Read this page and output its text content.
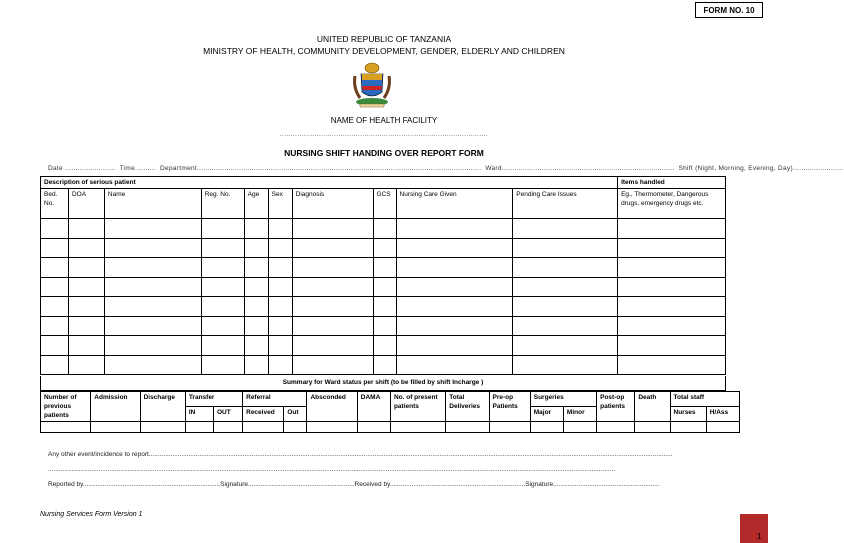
FORM NO. 10
UNITED REPUBLIC OF TANZANIA
MINISTRY OF HEALTH, COMMUNITY DEVELOPMENT, GENDER, ELDERLY AND CHILDREN
NAME OF HEALTH FACILITY
................................................................................................
NURSING SHIFT HANDING OVER REPORT FORM
Date ........................ Time.......... Department....................................................................................................................................... Ward.................................................................................. Shift (Night, Morning, Evening, Day)........................
Description of serious patient										Items handled
Bed. No.	DOA	Name	Reg. No.	Age	Sex	Diagnosis	GCS	Nursing Care Given	Pending Care Issues	Eg., Thermometer, Dangerous drugs, emergency drugs etc.

Summary for Ward status per shift (to be filled by shift Incharge )
Number of previous patients	Admission	Discharge	Transfer		Referral		Absconded	DAMA	No. of present patients	Total Deliveries	Pre-op Patients	Surgeries		Post-op patients	Death	Total staff	
			IN	OUT	Received	Out						Major	Minor			Nurses	H/Ass

Any other event/incidence to report..................................................................................................................................................................................................................................................................................................
..........................................................................................................................................................................................................................................................................................................................
Reported by............................................................................Signature...........................................................Received by...........................................................................Signature...........................................................
Nursing Services Form Version 1
1
